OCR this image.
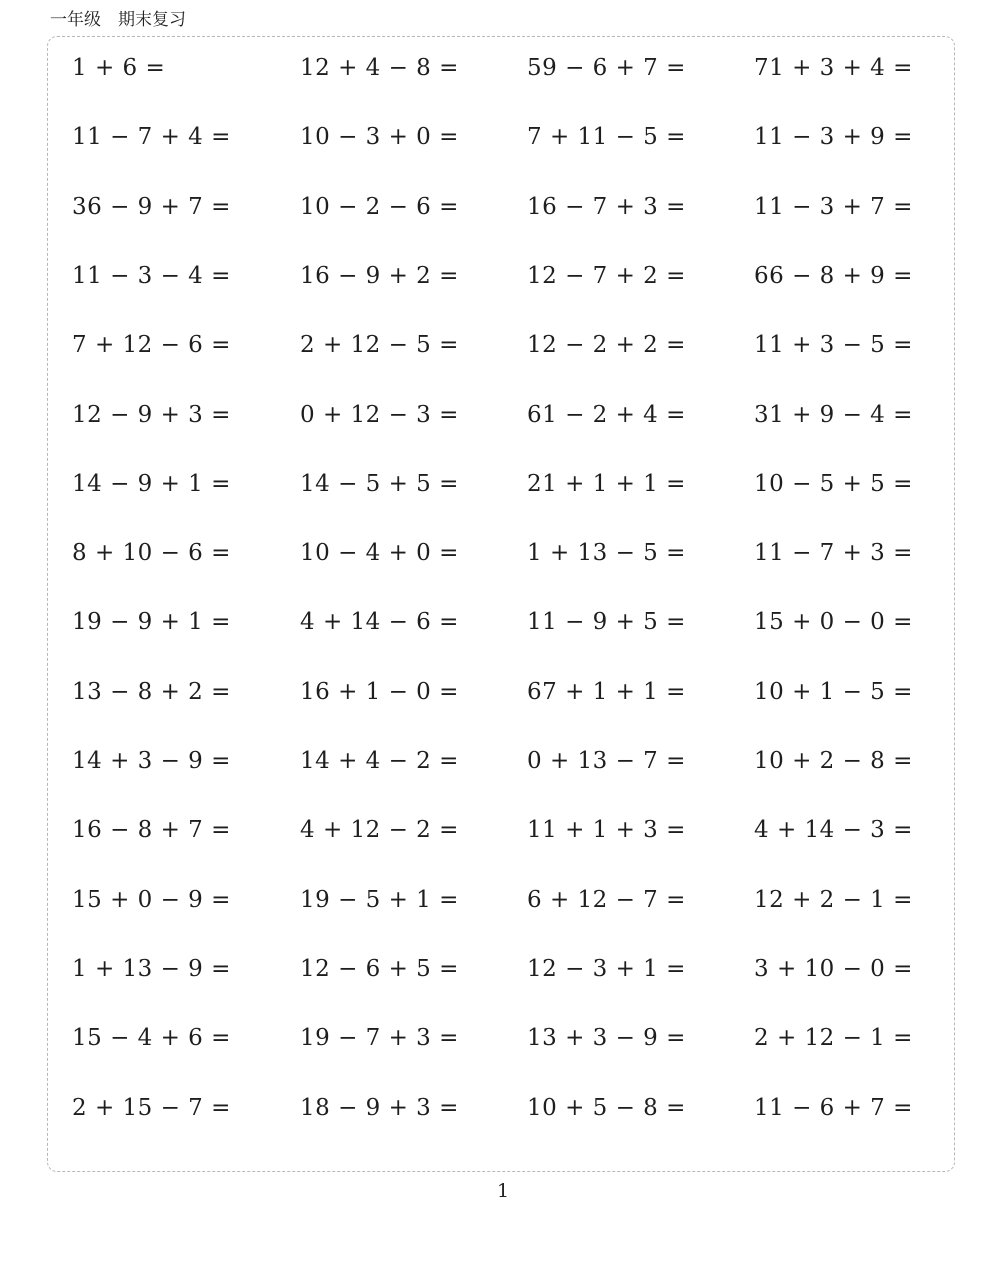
一年级　期末复习
1 + 6 =	12 + 4 − 8 =	59 − 6 + 7 =	71 + 3 + 4 =
11 − 7 + 4 =	10 − 3 + 0 =	7 + 11 − 5 =	11 − 3 + 9 =
36 − 9 + 7 =	10 − 2 − 6 =	16 − 7 + 3 =	11 − 3 + 7 =
11 − 3 − 4 =	16 − 9 + 2 =	12 − 7 + 2 =	66 − 8 + 9 =
7 + 12 − 6 =	2 + 12 − 5 =	12 − 2 + 2 =	11 + 3 − 5 =
12 − 9 + 3 =	0 + 12 − 3 =	61 − 2 + 4 =	31 + 9 − 4 =
14 − 9 + 1 =	14 − 5 + 5 =	21 + 1 + 1 =	10 − 5 + 5 =
8 + 10 − 6 =	10 − 4 + 0 =	1 + 13 − 5 =	11 − 7 + 3 =
19 − 9 + 1 =	4 + 14 − 6 =	11 − 9 + 5 =	15 + 0 − 0 =
13 − 8 + 2 =	16 + 1 − 0 =	67 + 1 + 1 =	10 + 1 − 5 =
14 + 3 − 9 =	14 + 4 − 2 =	0 + 13 − 7 =	10 + 2 − 8 =
16 − 8 + 7 =	4 + 12 − 2 =	11 + 1 + 3 =	4 + 14 − 3 =
15 + 0 − 9 =	19 − 5 + 1 =	6 + 12 − 7 =	12 + 2 − 1 =
1 + 13 − 9 =	12 − 6 + 5 =	12 − 3 + 1 =	3 + 10 − 0 =
15 − 4 + 6 =	19 − 7 + 3 =	13 + 3 − 9 =	2 + 12 − 1 =
2 + 15 − 7 =	18 − 9 + 3 =	10 + 5 − 8 =	11 − 6 + 7 =
1
